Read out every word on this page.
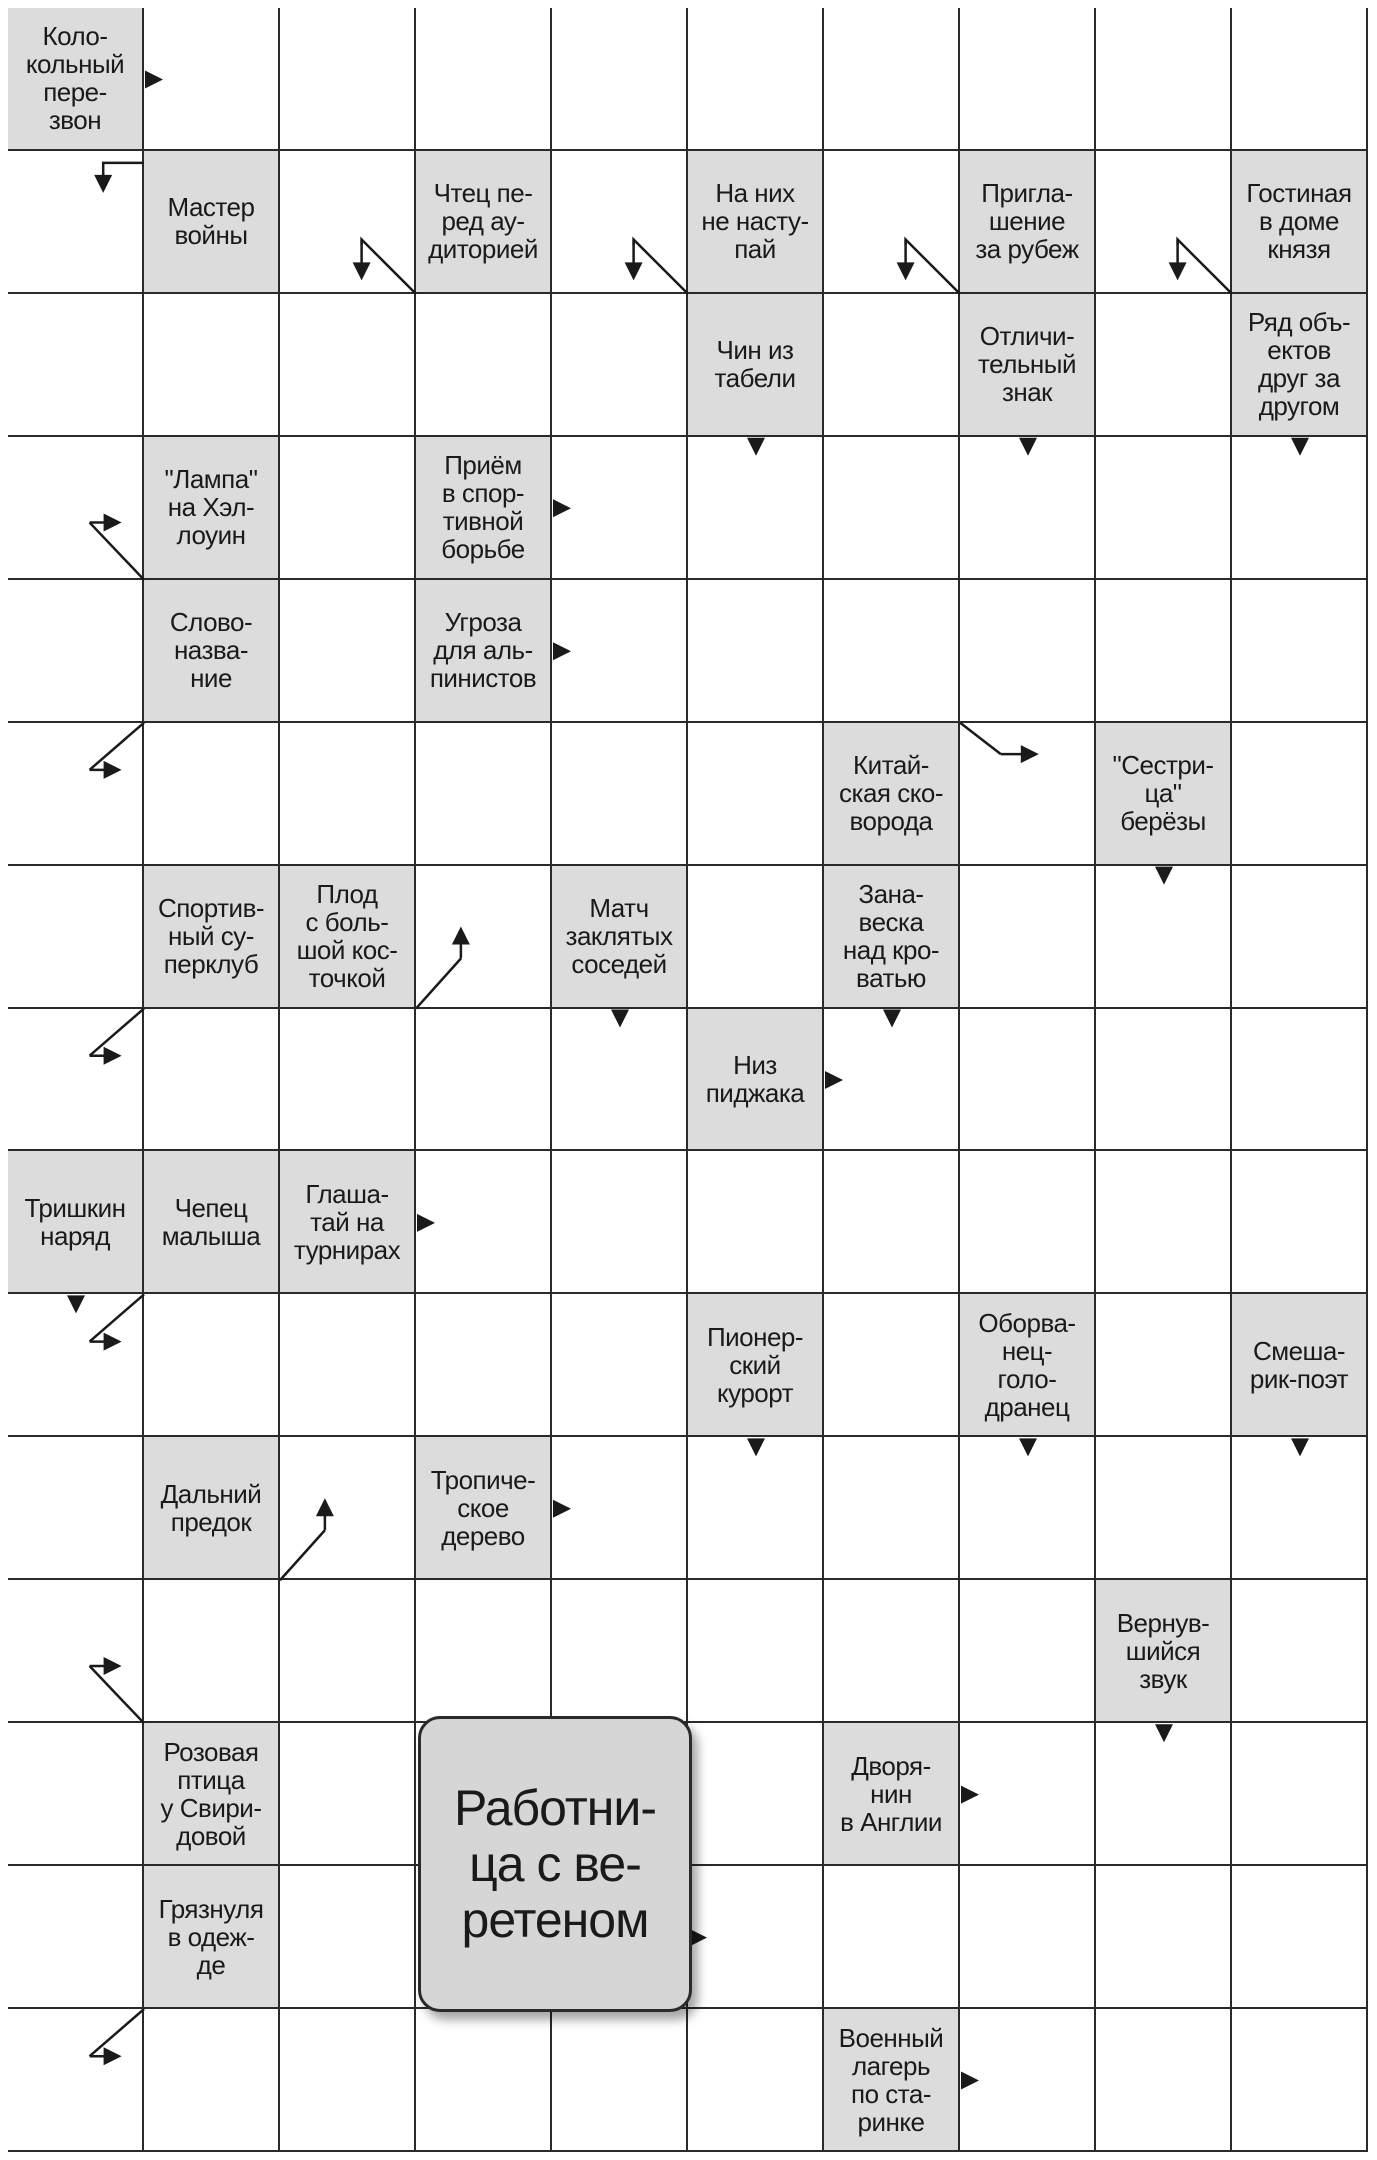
Коло-
кольный
пере-
звон
Мастер
войны
Чтец пе-
ред ау-
диторией
На них
не насту-
пай
Пригла-
шение
за рубеж
Гостиная
в доме
князя
Чин из
табели
Отличи-
тельный
знак
Ряд объ-
ектов
друг за
другом
"Лампа"
на Хэл-
лоуин
Приём
в спор-
тивной
борьбе
Слово-
назва-
ние
Угроза
для аль-
пинистов
Китай-
ская ско-
ворода
"Сестри-
ца"
берёзы
Спортив-
ный су-
перклуб
Плод
с боль-
шой кос-
точкой
Матч
заклятых
соседей
Зана-
веска
над кро-
ватью
Низ
пиджака
Тришкин
наряд
Чепец
малыша
Глаша-
тай на
турнирах
Пионер-
ский
курорт
Оборва-
нец-
голо-
дранец
Смеша-
рик-поэт
Дальний
предок
Тропиче-
ское
дерево
Вернув-
шийся
звук
Розовая
птица
у Свири-
довой
Дворя-
нин
в Англии
Грязнуля
в одеж-
де
Военный
лагерь
по ста-
ринке
Работни-
ца с ве-
ретеном
